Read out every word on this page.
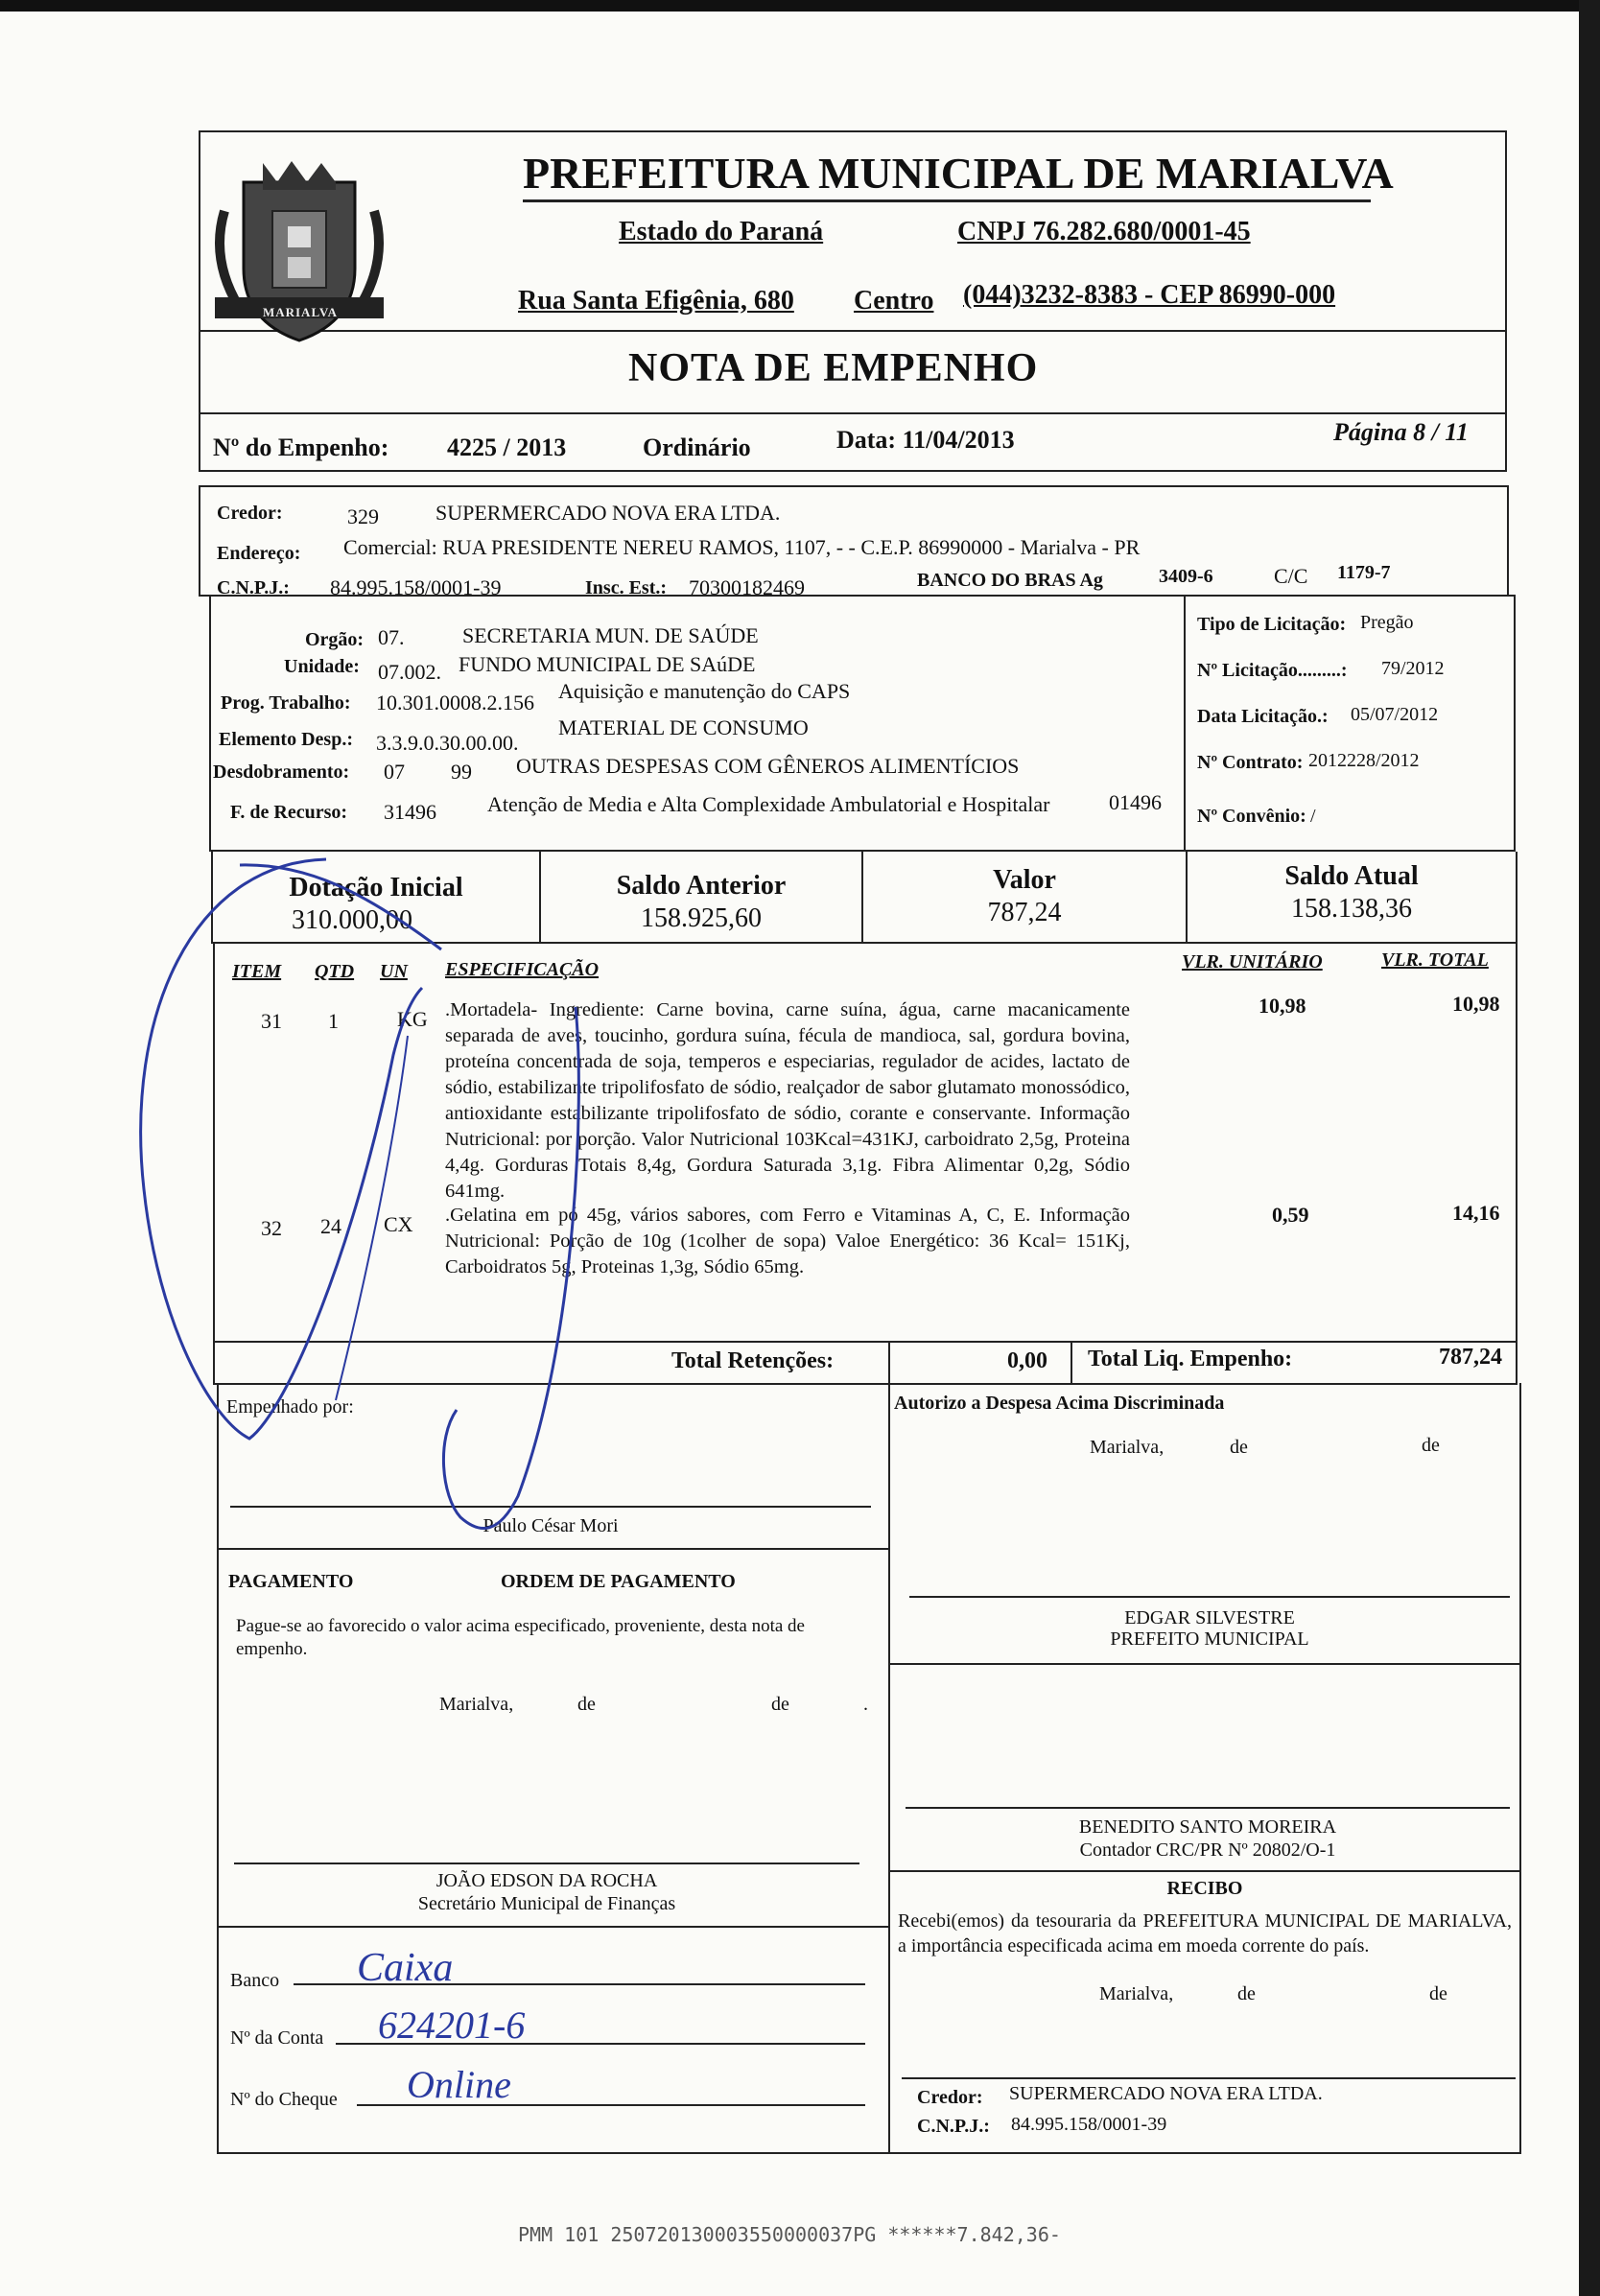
MARIALVA
PREFEITURA MUNICIPAL DE MARIALVA
Estado do Paraná	CNPJ 76.282.680/0001-45
Rua Santa Efigênia, 680 Centro (044)3232-8383 - CEP 86990-000
NOTA DE EMPENHO
Nº do Empenho: 4225 / 2013	Ordinário	Data: 11/04/2013	Página 8 / 11
Credor:	329	SUPERMERCADO NOVA ERA LTDA.
Endereço: Comercial: RUA PRESIDENTE NEREU RAMOS, 1107, - - C.E.P. 86990000 - Marialva - PR
C.N.P.J.: 84.995.158/0001-39	Insc. Est.: 70300182469	BANCO DO BRAS Ag	3409-6	C/C 1179-7
Orgão: 07.	SECRETARIA MUN. DE SAÚDE
Unidade: 07.002. FUNDO MUNICIPAL DE SAúDE
Prog. Trabalho: 10.301.0008.2.156 Aquisição e manutenção do CAPS
Elemento Desp.: 3.3.9.0.30.00.00.
MATERIAL DE CONSUMO
Desdobramento: 07 99 OUTRAS DESPESAS COM GÊNEROS ALIMENTÍCIOS
F. de Recurso: 31496 Atenção de Media e Alta Complexidade Ambulatorial e Hospitalar	01496
Tipo de Licitação: Pregão
Nº Licitação.........: 79/2012
Data Licitação.: 05/07/2012
Nº Contrato: 2012228/2012
Nº Convênio: /
Dotação Inicial
310.000,00
Saldo Anterior
158.925,60
Valor
787,24
Saldo Atual
158.138,36
ITEM QTD UN ESPECIFICAÇÃO	VLR. UNITÁRIO	VLR. TOTAL
31 1	KG .Mortadela- Ingrediente: Carne bovina, carne suína, água, carne macanicamente separada de aves, toucinho, gordura suína, fécula de mandioca, sal, gordura bovina, proteína concentrada de soja, temperos e especiarias, regulador de acides, lactato de sódio, estabilizante tripolifosfato de sódio, realçador de sabor glutamato monossódico, antioxidante estabilizante tripolifosfato de sódio, corante e conservante. Informação Nutricional: por porção. Valor Nutricional 103Kcal=431KJ, carboidrato 2,5g, Proteina 4,4g. Gorduras Totais 8,4g, Gordura Saturada 3,1g. Fibra Alimentar 0,2g, Sódio 641mg.
10,98	10,98
32 24 CX .Gelatina em pó 45g, vários sabores, com Ferro e Vitaminas A, C, E. Informação Nutricional: Porção de 10g (1colher de sopa) Valoe Energético: 36 Kcal= 151Kj, Carboidratos 5g, Proteinas 1,3g, Sódio 65mg.
0,59	14,16
Total Retenções:	0,00 Total Liq. Empenho:	787,24
Empenhado por:
Paulo César Mori
Autorizo a Despesa Acima Discriminada
Marialva,	de	de
PAGAMENTO	ORDEM DE PAGAMENTO
Pague-se ao favorecido o valor acima especificado, proveniente, desta nota de empenho.
Marialva,	de	de	.
EDGAR SILVESTRE
PREFEITO MUNICIPAL
BENEDITO SANTO MOREIRA
Contador CRC/PR Nº 20802/O-1
RECIBO
Recebi(emos) da tesouraria da PREFEITURA MUNICIPAL DE MARIALVA, a importância especificada acima em moeda corrente do país.
Marialva,	de	de
Credor: SUPERMERCADO NOVA ERA LTDA.
C.N.P.J.: 84.995.158/0001-39
JOÃO EDSON DA ROCHA
Secretário Municipal de Finanças
Banco Caixa
Nº da Conta 624201-6
Nº do Cheque Online
PMM 101 250720130003550000037PG ******7.842,36-
